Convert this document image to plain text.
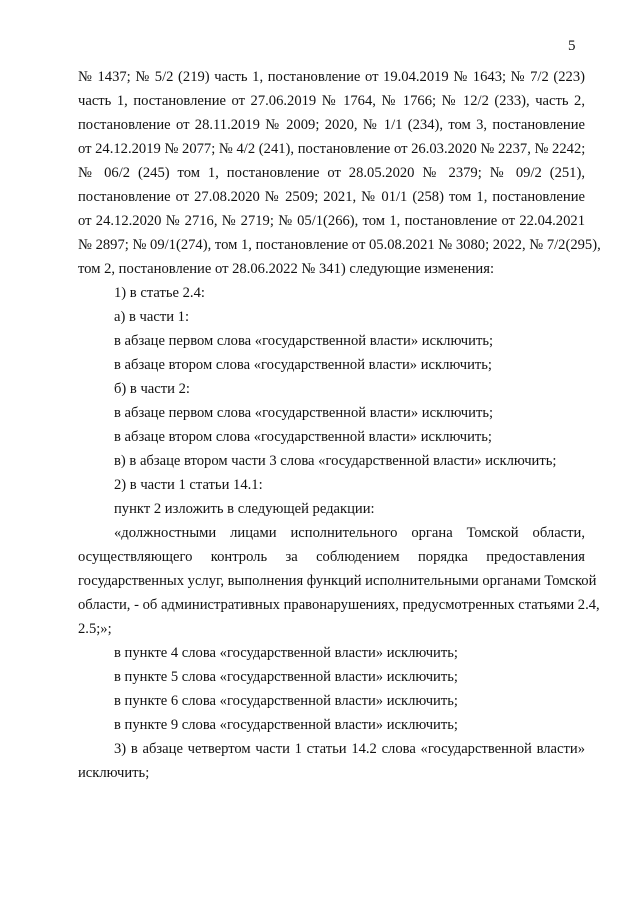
5
№ 1437; № 5/2 (219) часть 1, постановление от 19.04.2019 № 1643; № 7/2 (223)
часть 1, постановление от 27.06.2019 № 1764, № 1766; № 12/2 (233), часть 2,
постановление от 28.11.2019 № 2009; 2020, № 1/1 (234), том 3, постановление
от 24.12.2019 № 2077; № 4/2 (241), постановление от 26.03.2020 № 2237, № 2242;
№ 06/2 (245) том 1, постановление от 28.05.2020 № 2379; № 09/2 (251),
постановление от 27.08.2020 № 2509; 2021, № 01/1 (258) том 1, постановление
от 24.12.2020 № 2716, № 2719; № 05/1(266), том 1, постановление от 22.04.2021
№ 2897; № 09/1(274), том 1, постановление от 05.08.2021 № 3080; 2022, № 7/2(295),
том 2, постановление от 28.06.2022 № 341) следующие изменения:
1) в статье 2.4:
а) в части 1:
в абзаце первом слова «государственной власти» исключить;
в абзаце втором слова «государственной власти» исключить;
б) в части 2:
в абзаце первом слова «государственной власти» исключить;
в абзаце втором слова «государственной власти» исключить;
в) в абзаце втором части 3 слова «государственной власти» исключить;
2) в части 1 статьи 14.1:
пункт 2 изложить в следующей редакции:
«должностными лицами исполнительного органа Томской области,
осуществляющего контроль за соблюдением порядка предоставления
государственных услуг, выполнения функций исполнительными органами Томской
области, - об административных правонарушениях, предусмотренных статьями 2.4,
2.5;»;
в пункте 4 слова «государственной власти» исключить;
в пункте 5 слова «государственной власти» исключить;
в пункте 6 слова «государственной власти» исключить;
в пункте 9 слова «государственной власти» исключить;
3) в абзаце четвертом части 1 статьи 14.2 слова «государственной власти»
исключить;
